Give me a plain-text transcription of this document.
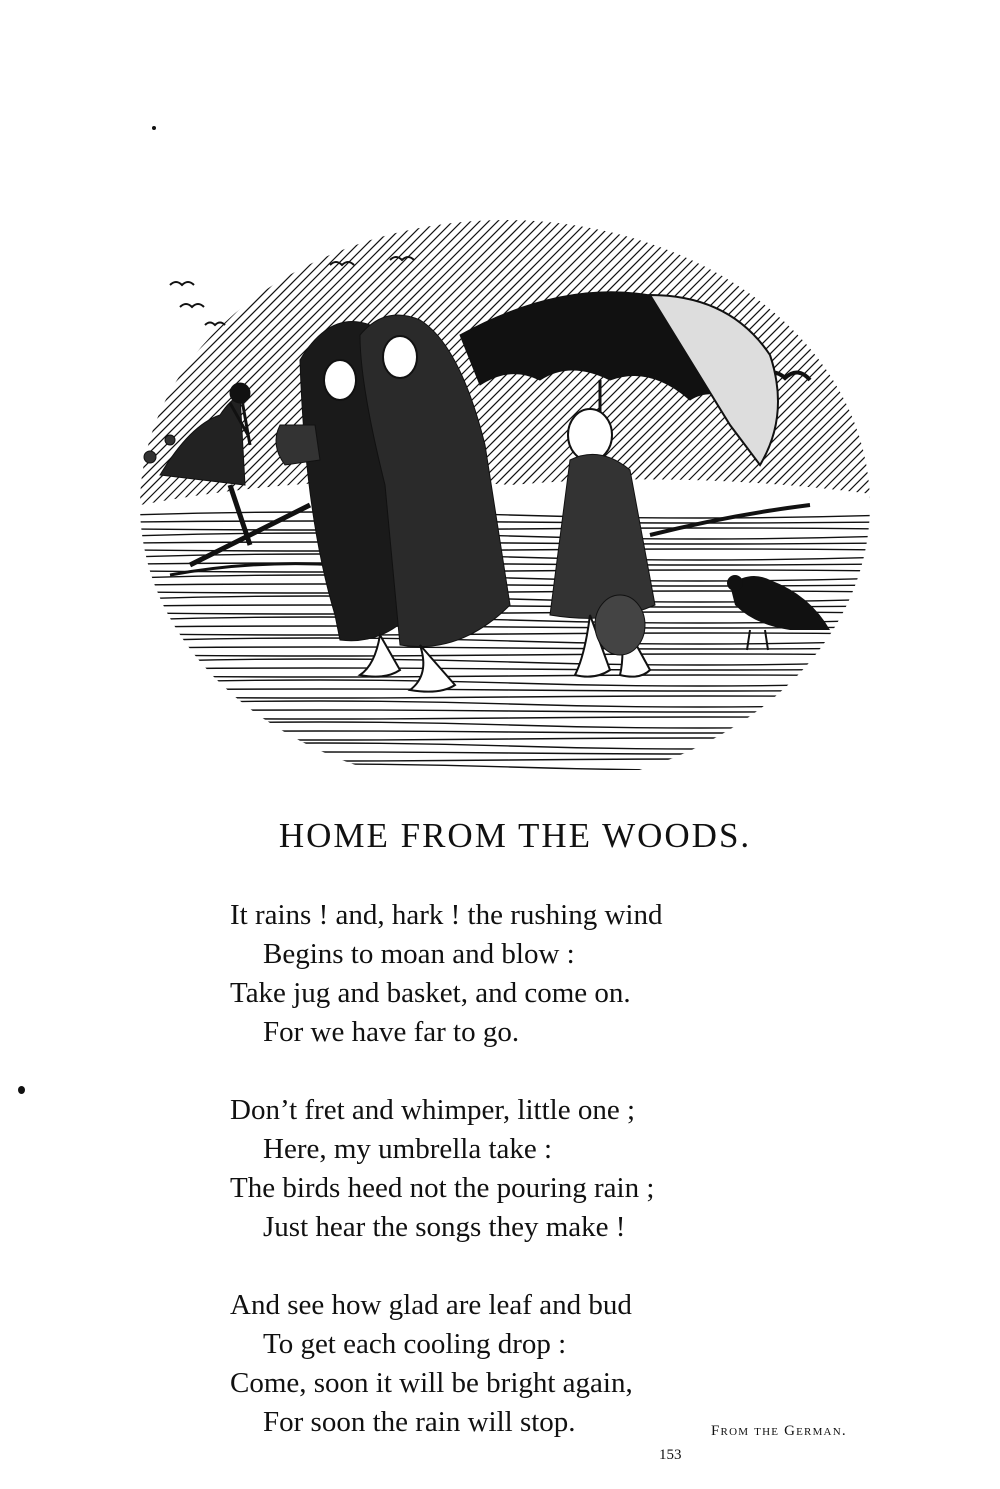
HOME FROM THE WOODS.
It rains ! and, hark ! the rushing wind
Begins to moan and blow :
Take jug and basket, and come on.
For we have far to go.
Don’t fret and whimper, little one ;
Here, my umbrella take :
The birds heed not the pouring rain ;
Just hear the songs they make !
And see how glad are leaf and bud
To get each cooling drop :
Come, soon it will be bright again,
For soon the rain will stop.	From the German.
153
